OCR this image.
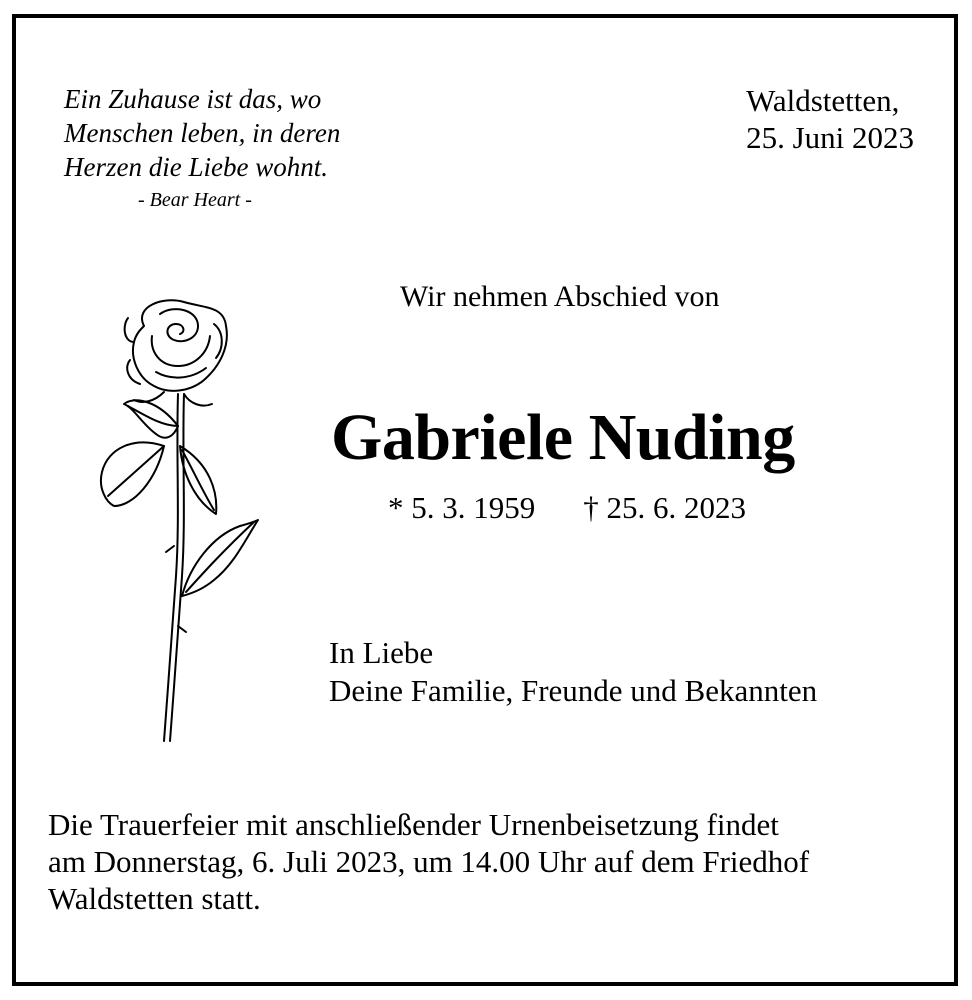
Ein Zuhause ist das, wo
Menschen leben, in deren
Herzen die Liebe wohnt.
- Bear Heart -
Waldstetten,
25. Juni 2023
Wir nehmen Abschied von
Gabriele Nuding
* 5. 3. 1959 † 25. 6. 2023
In Liebe
Deine Familie, Freunde und Bekannten
Die Trauerfeier mit anschließender Urnenbeisetzung findet
am Donnerstag, 6. Juli 2023, um 14.00 Uhr auf dem Friedhof
Waldstetten statt.
